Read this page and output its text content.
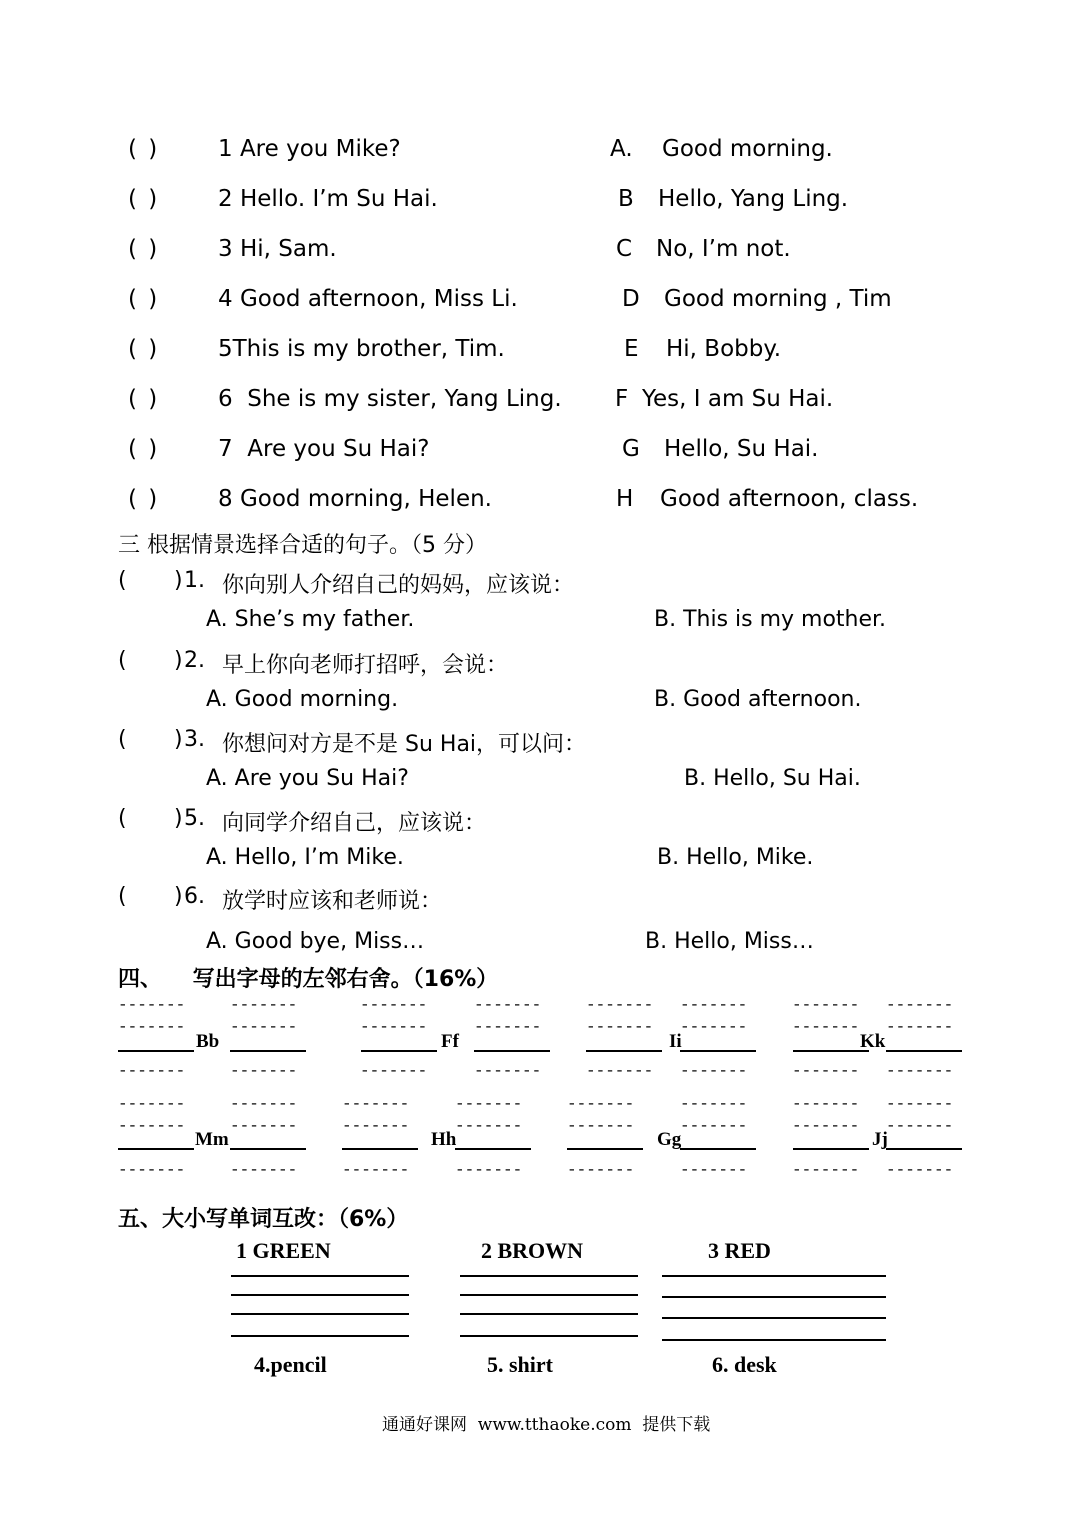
( )	1 Are you Mike?	A. Good morning.
( )	2 Hello. I’m Su Hai.	B Hello, Yang Ling.
( )	3 Hi, Sam.	C No, I’m not.
( )	4 Good afternoon, Miss Li.	D Good morning , Tim
( )	5This is my brother, Tim.	E Hi, Bobby.
( )	6  She is my sister, Yang Ling. F Yes, I am Su Hai.
( )	7  Are you Su Hai?	G Hello, Su Hai.
( )	8 Good morning, Helen.	H Good afternoon, class.
三 根据情景选择合适的句子。（5 分）
( ) 1. 你向别人介绍自己的妈妈，应该说：
A. She’s my father.	B. This is my mother.
( ) 2. 早上你向老师打招呼，会说：
A. Good morning.	B. Good afternoon.
( ) 3. 你想问对方是不是 Su Hai，可以问：
A. Are you Su Hai?	B. Hello, Su Hai.
( ) 5. 向同学介绍自己，应该说：
A. Hello, I’m Mike.	B. Hello, Mike.
( ) 6. 放学时应该和老师说：
A. Good bye, Miss…	B. Hello, Miss…
四、    写出字母的左邻右舍。（16%）
五、大小写单词互改：（6%）
1 GREEN	2 BROWN	3 RED
4.pencil	5. shirt	6. desk
通通好课网  www.tthaoke.com  提供下载
-------	-------	-------	-------	------- -------	------- -------
-------	-------	-------	-------	------- -------	------- -------
-------	-------	-------	-------	------- -------	------- -------
Bb	Ff	Ii	Kk
-------	-------	-------	-------	-------	-------	------- -------
-------	-------	-------	-------	-------	-------	------- -------
-------	-------	-------	-------	-------	-------	------- -------
Mm	Hh	Gg	Jj
